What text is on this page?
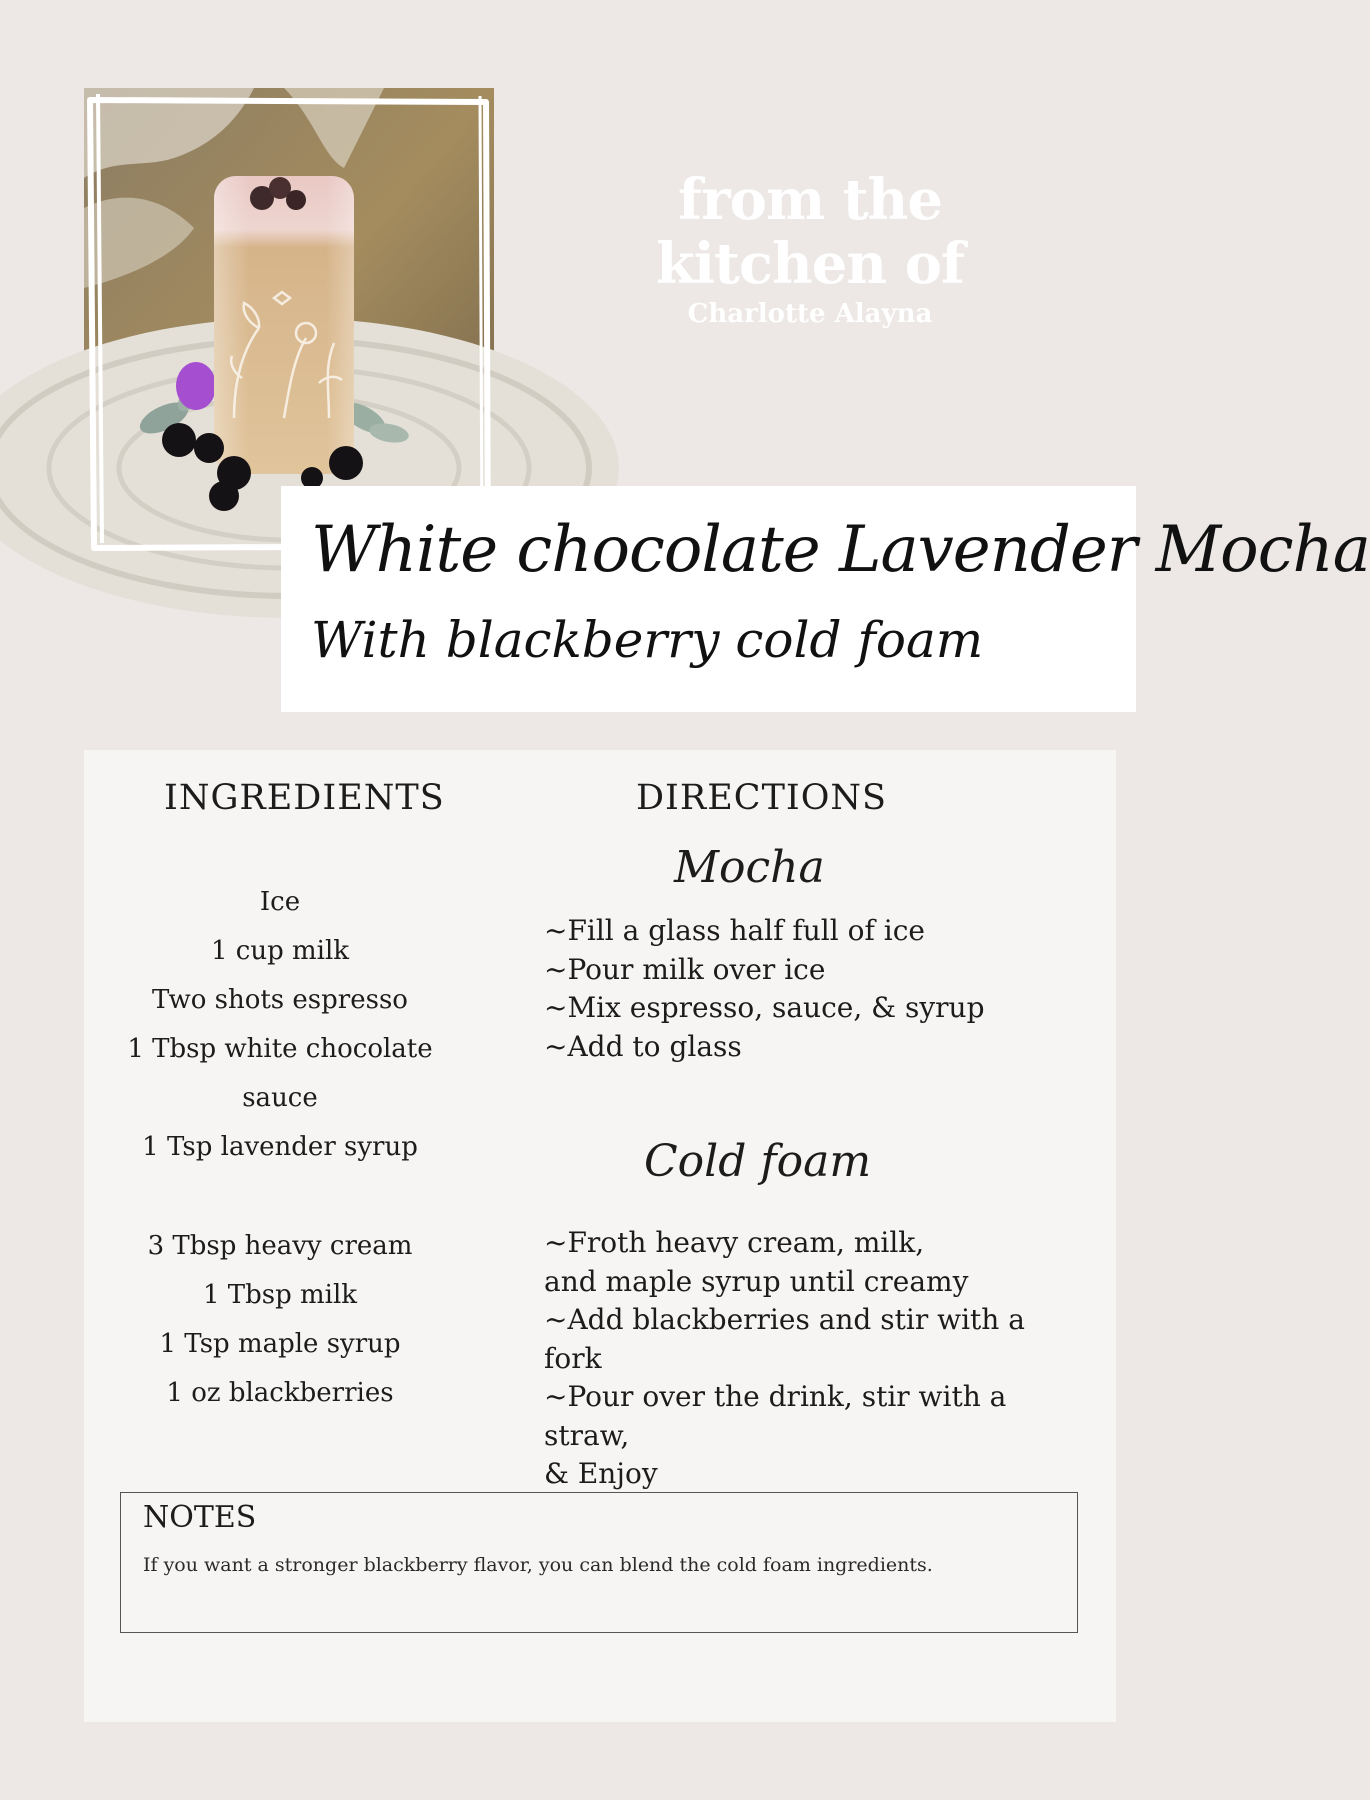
from the
kitchen of
Charlotte Alayna
White chocolate Lavender Mocha
With blackberry cold foam
INGREDIENTS	DIRECTIONS
Ice
1 cup milk
Two shots espresso
1 Tbsp white chocolate
sauce
1 Tsp lavender syrup
3 Tbsp heavy cream
1 Tbsp milk
1 Tsp maple syrup
1 oz blackberries
Mocha
~Fill a glass half full of ice
~Pour milk over ice
~Mix espresso, sauce, & syrup
~Add to glass
Cold foam
~Froth heavy cream, milk,
and maple syrup until creamy
~Add blackberries and stir with a fork
~Pour over the drink, stir with a straw,
& Enjoy
NOTES
If you want a stronger blackberry flavor, you can blend the cold foam ingredients.
